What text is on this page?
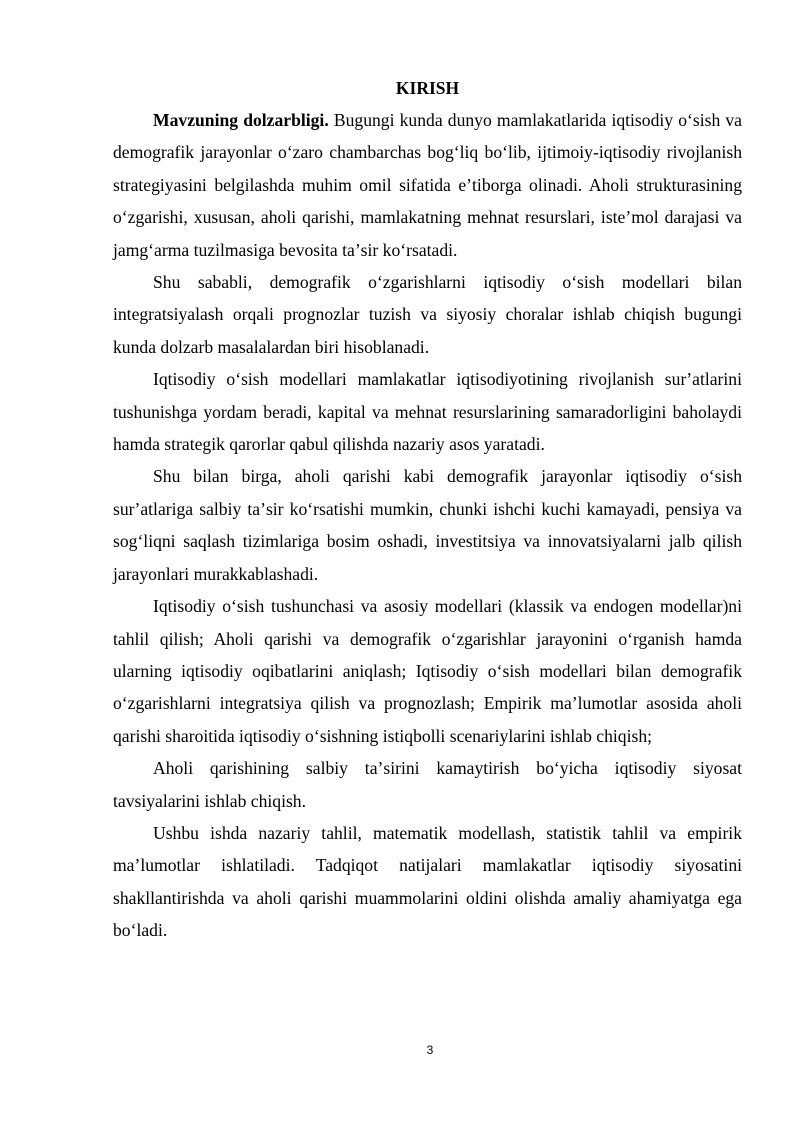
KIRISH

Mavzuning dolzarbligi. Bugungi kunda dunyo mamlakatlarida iqtisodiy oʻsish va demografik jarayonlar oʻzaro chambarchas bogʻliq boʻlib, ijtimoiy-iqtisodiy rivojlanish strategiyasini belgilashda muhim omil sifatida eʼtiborga olinadi. Aholi strukturasining oʻzgarishi, xususan, aholi qarishi, mamlakatning mehnat resurslari, isteʼmol darajasi va jamgʻarma tuzilmasiga bevosita taʼsir koʻrsatadi.

Shu sababli, demografik oʻzgarishlarni iqtisodiy oʻsish modellari bilan integratsiyalash orqali prognozlar tuzish va siyosiy choralar ishlab chiqish bugungi kunda dolzarb masalalardan biri hisoblanadi.

Iqtisodiy oʻsish modellari mamlakatlar iqtisodiyotining rivojlanish surʼatlarini tushunishga yordam beradi, kapital va mehnat resurslarining samaradorligini baholaydi hamda strategik qarorlar qabul qilishda nazariy asos yaratadi.

Shu bilan birga, aholi qarishi kabi demografik jarayonlar iqtisodiy oʻsish surʼatlariga salbiy taʼsir koʻrsatishi mumkin, chunki ishchi kuchi kamayadi, pensiya va sogʻliqni saqlash tizimlariga bosim oshadi, investitsiya va innovatsiyalarni jalb qilish jarayonlari murakkablashadi.

Iqtisodiy oʻsish tushunchasi va asosiy modellari (klassik va endogen modellar)ni tahlil qilish; Aholi qarishi va demografik oʻzgarishlar jarayonini oʻrganish hamda ularning iqtisodiy oqibatlarini aniqlash; Iqtisodiy oʻsish modellari bilan demografik oʻzgarishlarni integratsiya qilish va prognozlash; Empirik maʼlumotlar asosida aholi qarishi sharoitida iqtisodiy oʻsishning istiqbolli scenariylarini ishlab chiqish;

Aholi qarishining salbiy taʼsirini kamaytirish boʻyicha iqtisodiy siyosat tavsiyalarini ishlab chiqish.

Ushbu ishda nazariy tahlil, matematik modellash, statistik tahlil va empirik maʼlumotlar ishlatiladi. Tadqiqot natijalari mamlakatlar iqtisodiy siyosatini shakllantirishda va aholi qarishi muammolarini oldini olishda amaliy ahamiyatga ega boʻladi.

3
